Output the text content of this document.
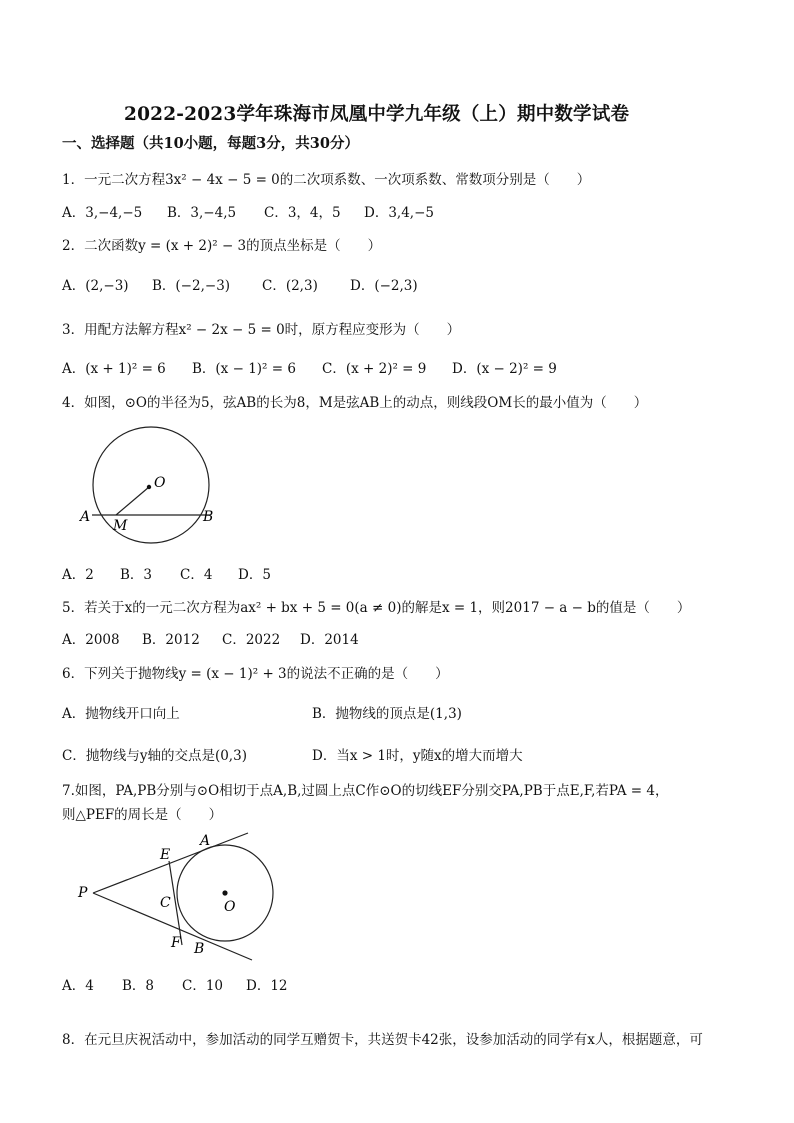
2022-2023学年珠海市凤凰中学九年级（上）期中数学试卷
一、选择题（共10小题，每题3分，共30分）
1．一元二次方程3x² − 4x − 5 = 0的二次项系数、一次项系数、常数项分别是（　　）
A．3,−4,−5 B．3,−4,5 C．3，4，5 D．3,4,−5
2．二次函数y = (x + 2)² − 3的顶点坐标是（　　）
A．(2,−3) B．(−2,−3) C．(2,3) D．(−2,3)
3．用配方法解方程x² − 2x − 5 = 0时，原方程应变形为（　　）
A．(x + 1)² = 6 B．(x − 1)² = 6 C．(x + 2)² = 9 D．(x − 2)² = 9
4．如图，⊙O的半径为5，弦AB的长为8，M是弦AB上的动点，则线段OM长的最小值为（　　）
O
A	B
M
A．2 B．3 C．4 D．5
5．若关于x的一元二次方程为ax² + bx + 5 = 0(a ≠ 0)的解是x = 1，则2017 − a − b的值是（　　）
A．2008 B．2012 C．2022 D．2014
6．下列关于抛物线y = (x − 1)² + 3的说法不正确的是（　　）
A．抛物线开口向上	B．抛物线的顶点是(1,3)
C．抛物线与y轴的交点是(0,3)	D．当x > 1时，y随x的增大而增大
7.如图，PA,PB分别与⊙O相切于点A,B,过圆上点C作⊙O的切线EF分别交PA,PB于点E,F,若PA = 4，
则△PEF的周长是（　　）
P
A
B
E
F
C	O
A．4 B．8 C．10 D．12
8．在元旦庆祝活动中，参加活动的同学互赠贺卡，共送贺卡42张，设参加活动的同学有x人，根据题意，可
